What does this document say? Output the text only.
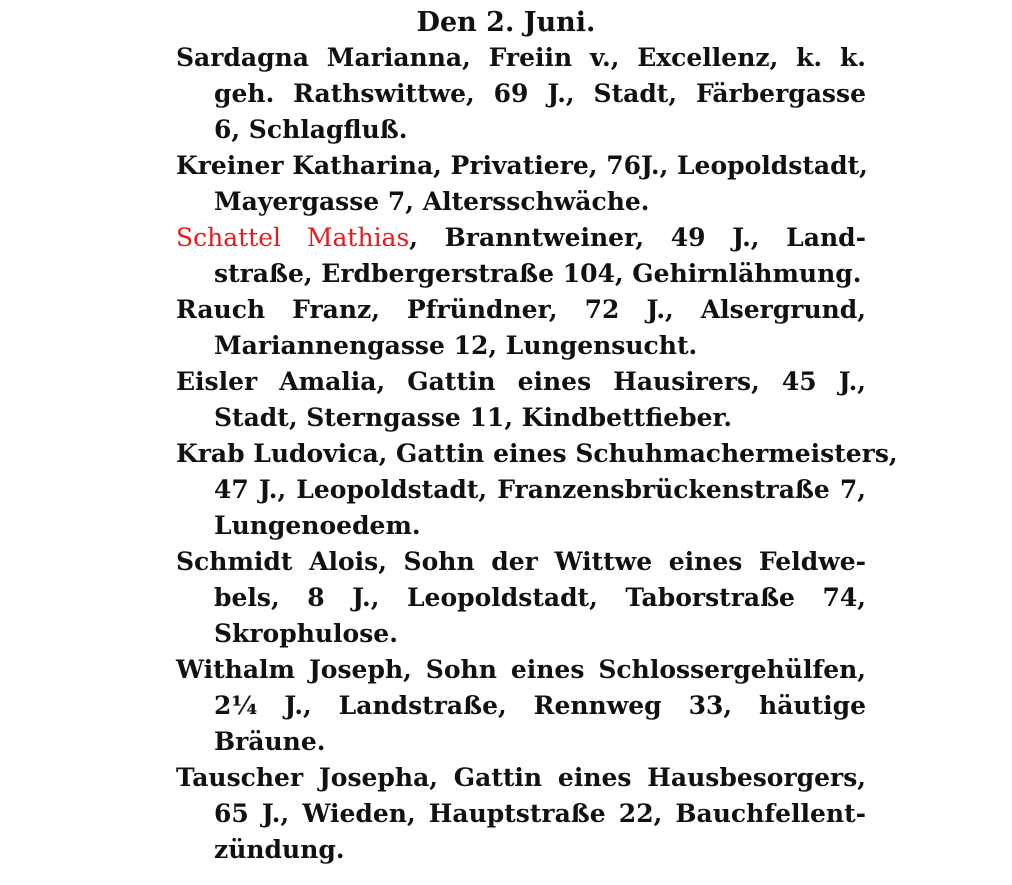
Den 2. Juni.
Sardagna Marianna, Freiin v., Excellenz, k. k.
geh. Rathswittwe, 69 J., Stadt, Färbergasse
6, Schlagfluß.
Kreiner Katharina, Privatiere, 76J., Leopoldstadt,
Mayergasse 7, Altersschwäche.
Schattel Mathias, Branntweiner, 49 J., Land-
straße, Erdbergerstraße 104, Gehirnlähmung.
Rauch Franz, Pfründner, 72 J., Alsergrund,
Mariannengasse 12, Lungensucht.
Eisler Amalia, Gattin eines Hausirers, 45 J.,
Stadt, Sterngasse 11, Kindbettfieber.
Krab Ludovica, Gattin eines Schuhmachermeisters,
47 J., Leopoldstadt, Franzensbrückenstraße 7,
Lungenoedem.
Schmidt Alois, Sohn der Wittwe eines Feldwe-
bels, 8 J., Leopoldstadt, Taborstraße 74,
Skrophulose.
Withalm Joseph, Sohn eines Schlossergehülfen,
2¼ J., Landstraße, Rennweg 33, häutige
Bräune.
Tauscher Josepha, Gattin eines Hausbesorgers,
65 J., Wieden, Hauptstraße 22, Bauchfellent-
zündung.
